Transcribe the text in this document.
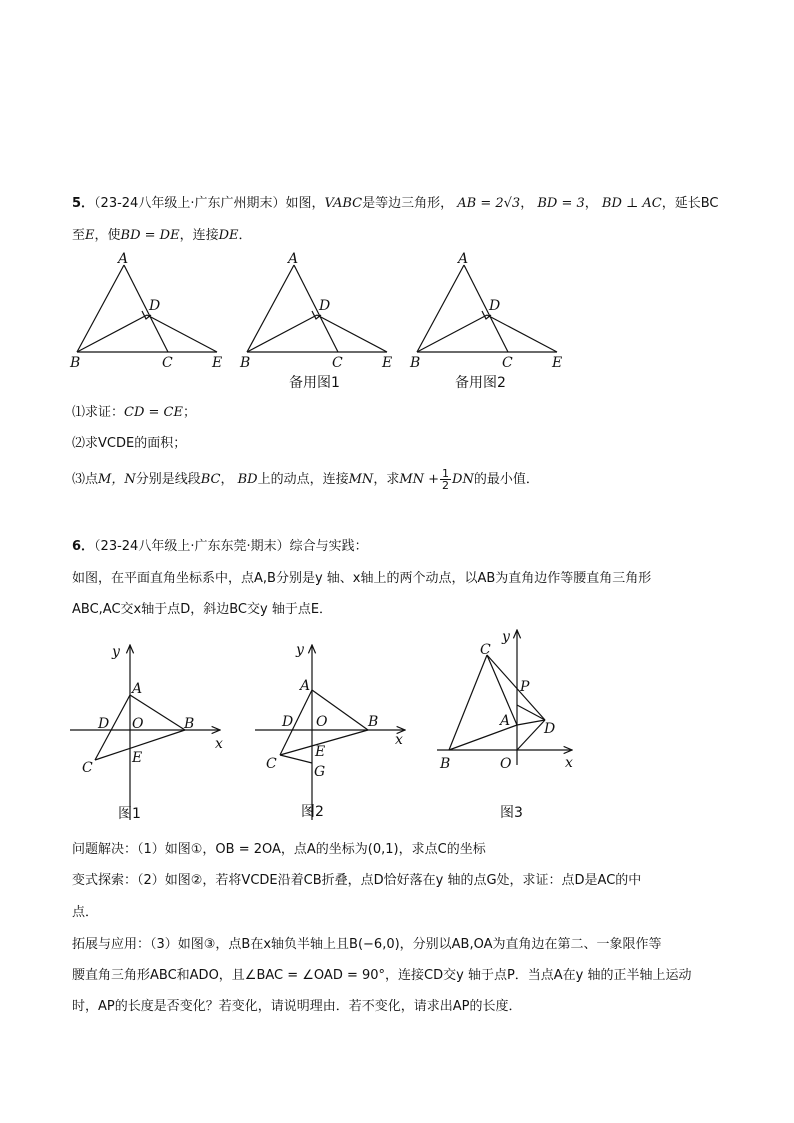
5．（23-24八年级上·广东广州期末）如图，VABC是等边三角形， AB = 2√3， BD = 3， BD ⊥ AC，延长BC
至E，使BD = DE，连接DE．
A
B	C
D
E
A
B	C
D
E
备用图1
A
B	C
D
E
备用图2
⑴求证：CD = CE；
⑵求VCDE的面积；
⑶点M，N分别是线段BC， BD上的动点，连接MN，求MN + $\frac{1}{2}$ DN的最小值．
6．（23-24八年级上·广东东莞·期末）综合与实践：
如图，在平面直角坐标系中，点A,B分别是y 轴、x轴上的两个动点，以AB为直角边作等腰直角三角形
ABC,AC交x轴于点D，斜边BC交y 轴于点E．
y
x
A
B
C
D O
E
图1
y
x
A
B
C
D O
E
G
图2
y
x
C
P
A D
B	O
图3
问题解决：（1）如图①，OB = 2OA，点A的坐标为(0,1)，求点C的坐标
变式探索：（2）如图②，若将VCDE沿着CB折叠，点D恰好落在y 轴的点G处，求证：点D是AC的中
点．
拓展与应用：（3）如图③，点B在x轴负半轴上且B(−6,0)，分别以AB,OA为直角边在第二、一象限作等
腰直角三角形ABC和ADO，且∠BAC = ∠OAD = 90°，连接CD交y 轴于点P．当点A在y 轴的正半轴上运动
时，AP的长度是否变化？若变化，请说明理由．若不变化，请求出AP的长度．
